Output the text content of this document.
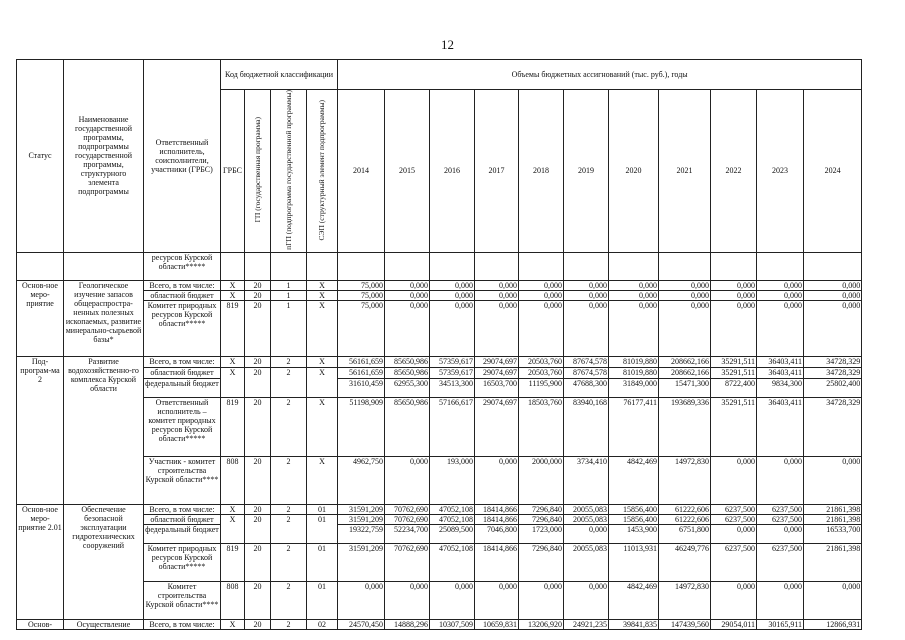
12
Статус	Наименование государственной программы, подпрограммы государственной программы, структурного элемента подпрограммы	Ответственный исполнитель, соисполнители, участники (ГРБС)	Код бюджетной классификации				Объемы бюджетных ассигнований (тыс. руб.), годы										
			ГРБС	ГП (государственная программа)	пГП (подпрограмма государственной программы)	СЭП (структурный элемент подпрограммы)	2014	2015	2016	2017	2018	2019	2020	2021	2022	2023	2024
		ресурсов Курской области*****															
Основ-ное меро-приятие	Геологическое изучение запасов общераспростра-ненных полезных ископаемых, развитие минерально-сырьевой базы*	Всего, в том числе:	Х	20	1	Х	75,000	0,000	0,000	0,000	0,000	0,000	0,000	0,000	0,000	0,000	0,000
		областной бюджет	Х	20	1	Х	75,000	0,000	0,000	0,000	0,000	0,000	0,000	0,000	0,000	0,000	0,000
		Комитет природных ресурсов Курской области*****	819	20	1	Х	75,000	0,000	0,000	0,000	0,000	0,000	0,000	0,000	0,000	0,000	0,000
Под-програм-ма 2	Развитие водохозяйственно-го комплекса Курской области	Всего, в том числе:	Х	20	2	Х	56161,659	85650,986	57359,617	29074,697	20503,760	87674,578	81019,880	208662,166	35291,511	36403,411	34728,329
		областной бюджет	Х	20	2	Х	56161,659	85650,986	57359,617	29074,697	20503,760	87674,578	81019,880	208662,166	35291,511	36403,411	34728,329
		федеральный бюджет					31610,459	62955,300	34513,300	16503,700	11195,900	47688,300	31849,000	15471,300	8722,400	9834,300	25802,400
		Ответственный исполнитель – комитет природных ресурсов Курской области*****	819	20	2	Х	51198,909	85650,986	57166,617	29074,697	18503,760	83940,168	76177,411	193689,336	35291,511	36403,411	34728,329
		Участник - комитет строительства Курской области****	808	20	2	Х	4962,750	0,000	193,000	0,000	2000,000	3734,410	4842,469	14972,830	0,000	0,000	0,000
Основ-ное меро-приятие 2.01	Обеспечение безопасной эксплуатации гидротехнических сооружений	Всего, в том числе:	Х	20	2	01	31591,209	70762,690	47052,108	18414,866	7296,840	20055,083	15856,400	61222,606	6237,500	6237,500	21861,398
		областной бюджет	Х	20	2	01	31591,209	70762,690	47052,108	18414,866	7296,840	20055,083	15856,400	61222,606	6237,500	6237,500	21861,398
		федеральный бюджет					19322,759	52234,700	25089,500	7046,800	1723,000	0,000	1453,900	6751,800	0,000	0,000	16533,700
		Комитет природных ресурсов Курской области*****	819	20	2	01	31591,209	70762,690	47052,108	18414,866	7296,840	20055,083	11013,931	46249,776	6237,500	6237,500	21861,398
		Комитет строительства Курской области****	808	20	2	01	0,000	0,000	0,000	0,000	0,000	0,000	4842,469	14972,830	0,000	0,000	0,000
Основ-	Осуществление	Всего, в том числе:	Х	20	2	02	24570,450	14888,296	10307,509	10659,831	13206,920	24921,235	39841,835	147439,560	29054,011	30165,911	12866,931
